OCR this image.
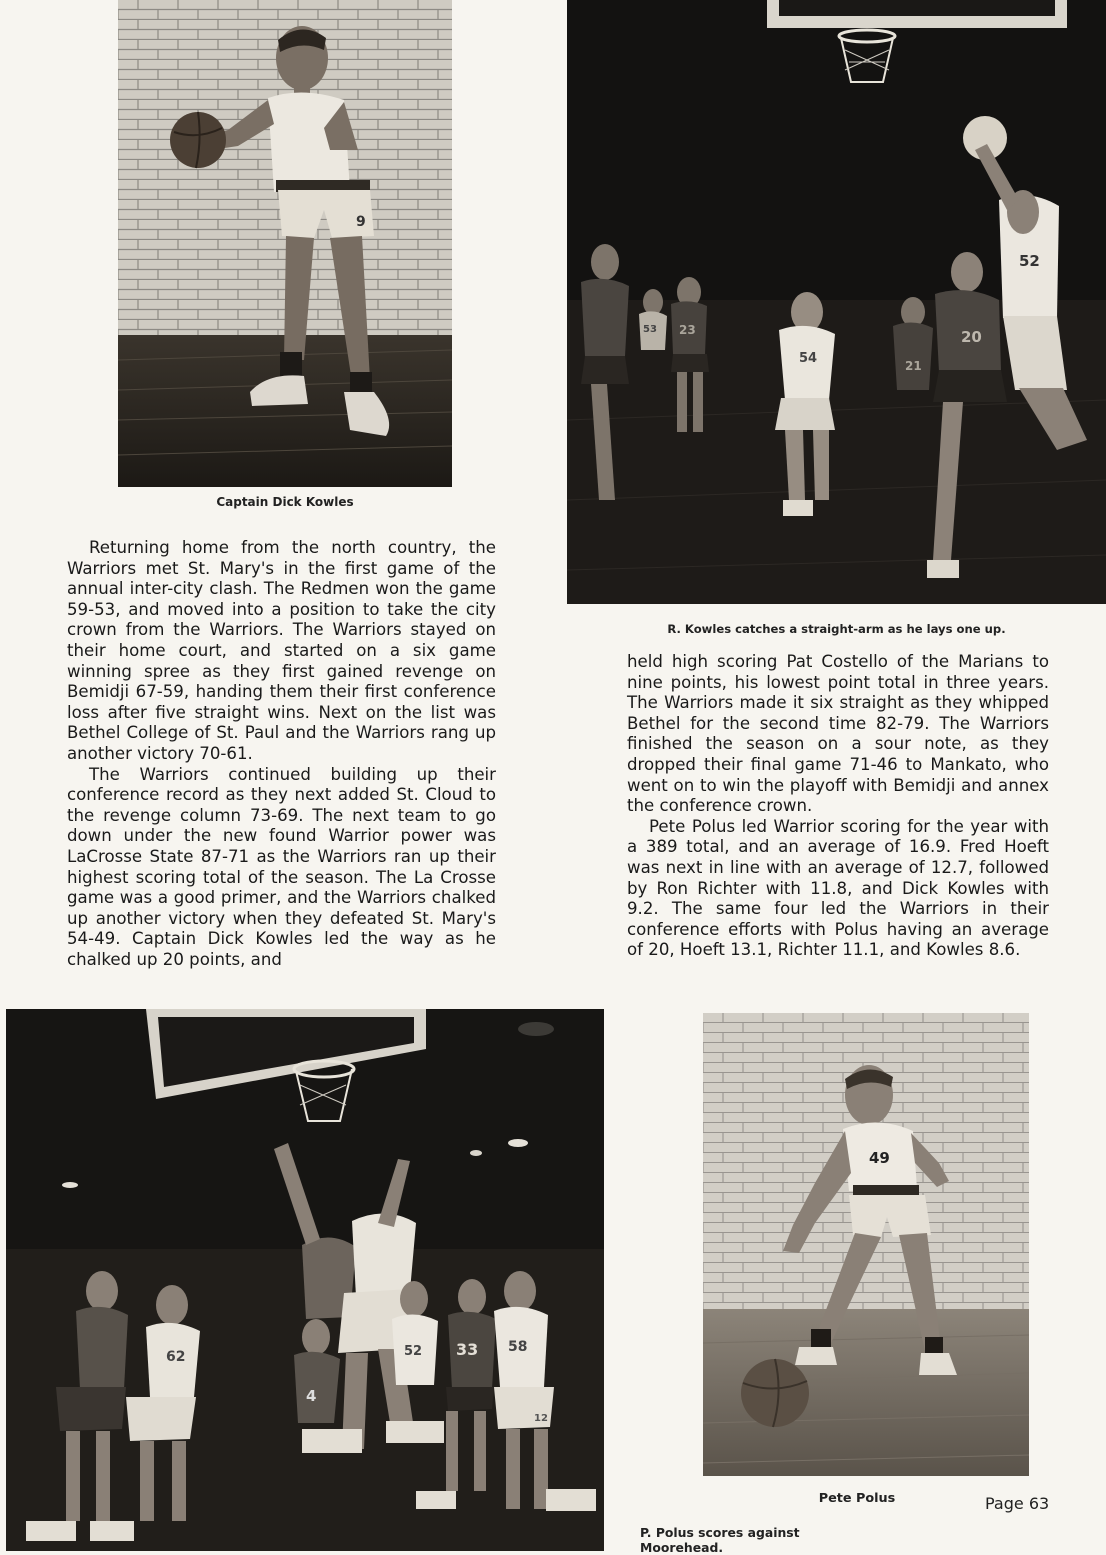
9
Captain Dick Kowles
52
54
20
23
53
21
R. Kowles catches a straight-arm as he lays one up.

Returning home from the north country, the Warriors met St. Mary's in the first game of the annual inter-city clash. The Redmen won the game 59-53, and moved into a position to take the city crown from the Warriors. The Warriors stayed on their home court, and started on a six game winning spree as they first gained revenge on Bemidji 67-59, handing them their first conference loss after five straight wins. Next on the list was Bethel College of St. Paul and the Warriors rang up another victory 70-61.

The Warriors continued building up their conference record as they next added St. Cloud to the revenge column 73-69. The next team to go down under the new found Warrior power was LaCrosse State 87-71 as the Warriors ran up their highest scoring total of the season. The La Crosse game was a good primer, and the Warriors chalked up another victory when they defeated St. Mary's 54-49. Captain Dick Kowles led the way as he chalked up 20 points, and

held high scoring Pat Costello of the Marians to nine points, his lowest point total in three years. The Warriors made it six straight as they whipped Bethel for the second time 82-79. The Warriors finished the season on a sour note, as they dropped their final game 71-46 to Mankato, who went on to win the playoff with Bemidji and annex the conference crown.

Pete Polus led Warrior scoring for the year with a 389 total, and an average of 16.9. Fred Hoeft was next in line with an average of 12.7, followed by Ron Richter with 11.8, and Dick Kowles with 9.2. The same four led the Warriors in their conference efforts with Polus having an average of 20, Hoeft 13.1, Richter 11.1, and Kowles 8.6.

62
4
52 33 58
12
P. Polus scores against Moorehead.
49
Pete Polus	Page 63
